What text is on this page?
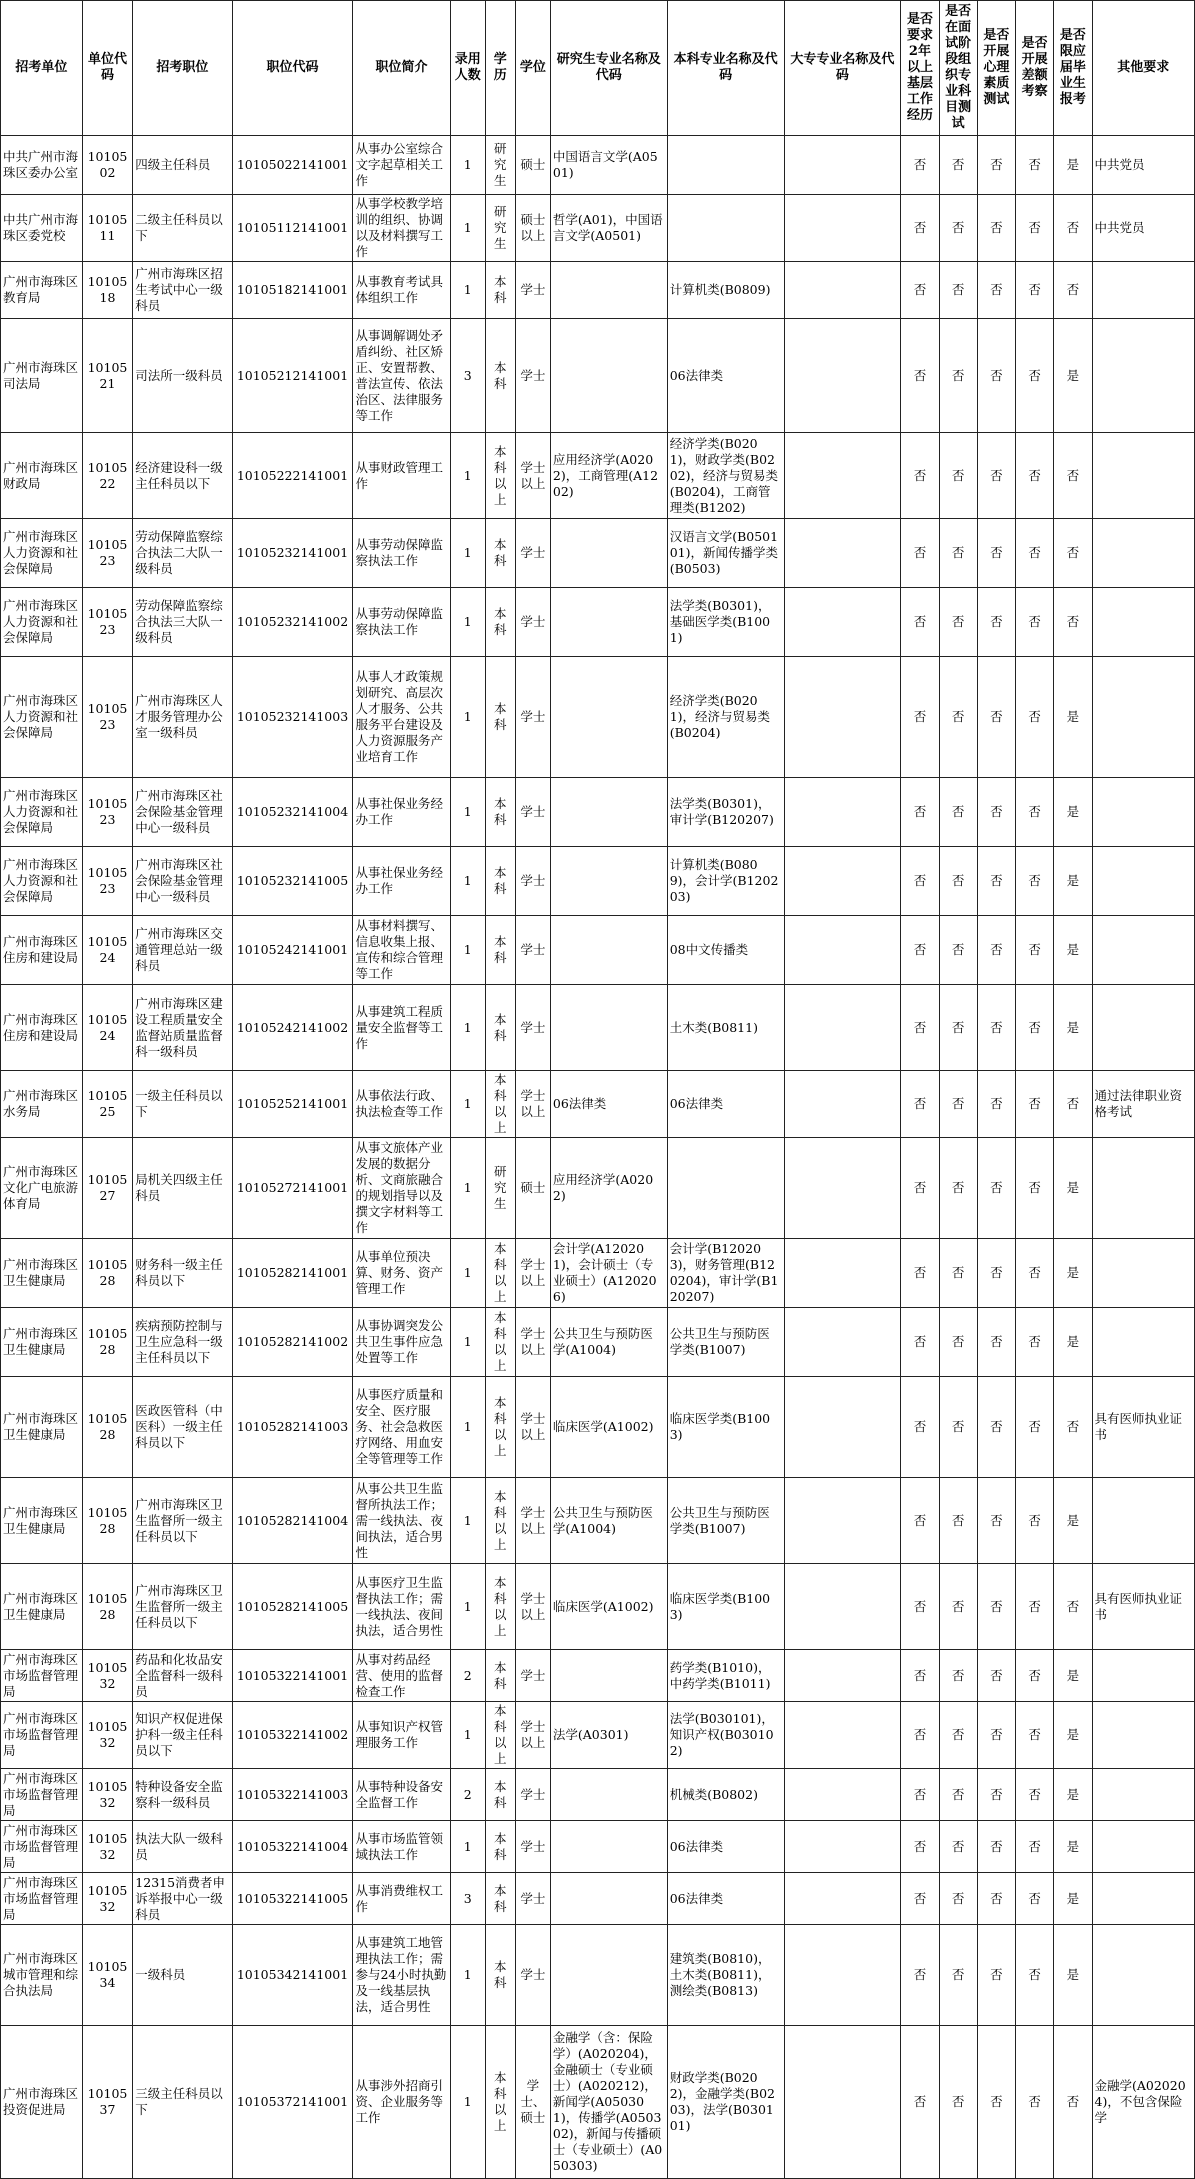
招考单位	单位代码	招考职位	职位代码	职位简介	录用人数	学历	学位	研究生专业名称及代码	本科专业名称及代码	大专专业名称及代码	是否要求2年以上基层工作经历	是否在面试阶段组织专业科目测试	是否开展心理素质测试	是否开展差额考察	是否限应届毕业生报考	其他要求
中共广州市海珠区委办公室	1010502	四级主任科员	10105022141001	从事办公室综合文字起草相关工作	1	研究生	硕士	中国语言文学(A0501)			否	否	否	否	是	中共党员
中共广州市海珠区委党校	1010511	二级主任科员以下	10105112141001	从事学校教学培训的组织、协调以及材料撰写工作	1	研究生	硕士以上	哲学(A01)，中国语言文学(A0501)			否	否	否	否	否	中共党员
广州市海珠区教育局	1010518	广州市海珠区招生考试中心一级科员	10105182141001	从事教育考试具体组织工作	1	本科	学士		计算机类(B0809)		否	否	否	否	否	
广州市海珠区司法局	1010521	司法所一级科员	10105212141001	从事调解调处矛盾纠纷、社区矫正、安置帮教、普法宣传、依法治区、法律服务等工作	3	本科	学士		06法律类		否	否	否	否	是	
广州市海珠区财政局	1010522	经济建设科一级主任科员以下	10105222141001	从事财政管理工作	1	本科以上	学士以上	应用经济学(A0202)，工商管理(A1202)	经济学类(B0201)，财政学类(B0202)，经济与贸易类(B0204)，工商管理类(B1202)		否	否	否	否	否	
广州市海珠区人力资源和社会保障局	1010523	劳动保障监察综合执法二大队一级科员	10105232141001	从事劳动保障监察执法工作	1	本科	学士		汉语言文学(B050101)，新闻传播学类(B0503)		否	否	否	否	否	
广州市海珠区人力资源和社会保障局	1010523	劳动保障监察综合执法三大队一级科员	10105232141002	从事劳动保障监察执法工作	1	本科	学士		法学类(B0301)，基础医学类(B1001)		否	否	否	否	否	
广州市海珠区人力资源和社会保障局	1010523	广州市海珠区人才服务管理办公室一级科员	10105232141003	从事人才政策规划研究、高层次人才服务、公共服务平台建设及人力资源服务产业培育工作	1	本科	学士		经济学类(B0201)，经济与贸易类(B0204)		否	否	否	否	是	
广州市海珠区人力资源和社会保障局	1010523	广州市海珠区社会保险基金管理中心一级科员	10105232141004	从事社保业务经办工作	1	本科	学士		法学类(B0301)，审计学(B120207)		否	否	否	否	是	
广州市海珠区人力资源和社会保障局	1010523	广州市海珠区社会保险基金管理中心一级科员	10105232141005	从事社保业务经办工作	1	本科	学士		计算机类(B0809)，会计学(B120203)		否	否	否	否	是	
广州市海珠区住房和建设局	1010524	广州市海珠区交通管理总站一级科员	10105242141001	从事材料撰写、信息收集上报、宣传和综合管理等工作	1	本科	学士		08中文传播类		否	否	否	否	是	
广州市海珠区住房和建设局	1010524	广州市海珠区建设工程质量安全监督站质量监督科一级科员	10105242141002	从事建筑工程质量安全监督等工作	1	本科	学士		土木类(B0811)		否	否	否	否	是	
广州市海珠区水务局	1010525	一级主任科员以下	10105252141001	从事依法行政、执法检查等工作	1	本科以上	学士以上	06法律类	06法律类		否	否	否	否	否	通过法律职业资格考试
广州市海珠区文化广电旅游体育局	1010527	局机关四级主任科员	10105272141001	从事文旅体产业发展的数据分析、文商旅融合的规划指导以及撰文字材料等工作	1	研究生	硕士	应用经济学(A0202)			否	否	否	否	是	
广州市海珠区卫生健康局	1010528	财务科一级主任科员以下	10105282141001	从事单位预决算、财务、资产管理工作	1	本科以上	学士以上	会计学(A120201)，会计硕士（专业硕士）(A120206)	会计学(B120203)，财务管理(B120204)，审计学(B120207)		否	否	否	否	是	
广州市海珠区卫生健康局	1010528	疾病预防控制与卫生应急科一级主任科员以下	10105282141002	从事协调突发公共卫生事件应急处置等工作	1	本科以上	学士以上	公共卫生与预防医学(A1004)	公共卫生与预防医学类(B1007)		否	否	否	否	是	
广州市海珠区卫生健康局	1010528	医政医管科（中医科）一级主任科员以下	10105282141003	从事医疗质量和安全、医疗服务、社会急救医疗网络、用血安全等管理等工作	1	本科以上	学士以上	临床医学(A1002)	临床医学类(B1003)		否	否	否	否	否	具有医师执业证书
广州市海珠区卫生健康局	1010528	广州市海珠区卫生监督所一级主任科员以下	10105282141004	从事公共卫生监督所执法工作；需一线执法、夜间执法，适合男性	1	本科以上	学士以上	公共卫生与预防医学(A1004)	公共卫生与预防医学类(B1007)		否	否	否	否	是	
广州市海珠区卫生健康局	1010528	广州市海珠区卫生监督所一级主任科员以下	10105282141005	从事医疗卫生监督执法工作；需一线执法、夜间执法，适合男性	1	本科以上	学士以上	临床医学(A1002)	临床医学类(B1003)		否	否	否	否	否	具有医师执业证书
广州市海珠区市场监督管理局	1010532	药品和化妆品安全监督科一级科员	10105322141001	从事对药品经营、使用的监督检查工作	2	本科	学士		药学类(B1010)，中药学类(B1011)		否	否	否	否	是	
广州市海珠区市场监督管理局	1010532	知识产权促进保护科一级主任科员以下	10105322141002	从事知识产权管理服务工作	1	本科以上	学士以上	法学(A0301)	法学(B030101)，知识产权(B030102)		否	否	否	否	是	
广州市海珠区市场监督管理局	1010532	特种设备安全监察科一级科员	10105322141003	从事特种设备安全监督工作	2	本科	学士		机械类(B0802)		否	否	否	否	是	
广州市海珠区市场监督管理局	1010532	执法大队一级科员	10105322141004	从事市场监管领域执法工作	1	本科	学士		06法律类		否	否	否	否	是	
广州市海珠区市场监督管理局	1010532	12315消费者申诉举报中心一级科员	10105322141005	从事消费维权工作	3	本科	学士		06法律类		否	否	否	否	是	
广州市海珠区城市管理和综合执法局	1010534	一级科员	10105342141001	从事建筑工地管理执法工作；需参与24小时执勤及一线基层执法，适合男性	1	本科	学士		建筑类(B0810)，土木类(B0811)，测绘类(B0813)		否	否	否	否	是	
广州市海珠区投资促进局	1010537	三级主任科员以下	10105372141001	从事涉外招商引资、企业服务等工作	1	本科以上	学士、硕士	金融学（含：保险学）(A020204)，金融硕士（专业硕士）(A020212)，新闻学(A050301)，传播学(A050302)，新闻与传播硕士（专业硕士）(A050303)	财政学类(B0202)，金融学类(B0203)，法学(B030101)		否	否	否	否	否	金融学(A020204)，不包含保险学
